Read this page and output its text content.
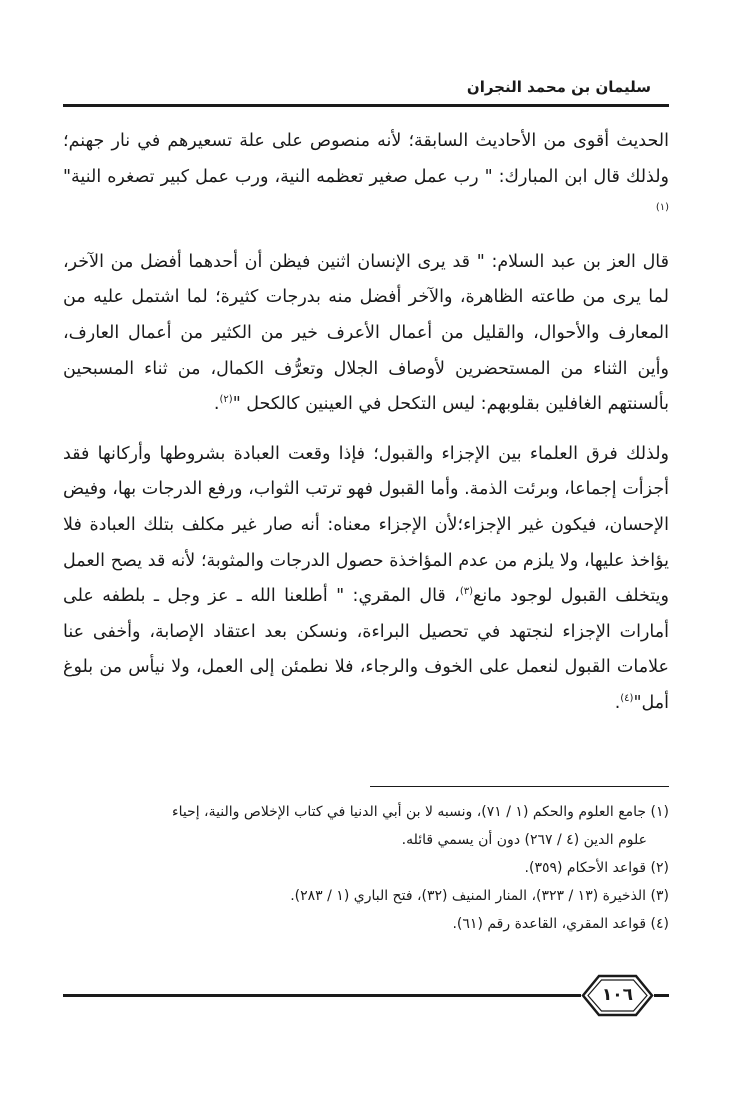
سليمان بن محمد النجران

الحديث أقوى من الأحاديث السابقة؛ لأنه منصوص على علة تسعيرهم في نار جهنم؛ ولذلك قال ابن المبارك: " رب عمل صغير تعظمه النية، ورب عمل كبير تصغره النية"$^{(١)}$

قال العز بن عبد السلام: " قد يرى الإنسان اثنين فيظن أن أحدهما أفضل من الآخر، لما يرى من طاعته الظاهرة، والآخر أفضل منه بدرجات كثيرة؛ لما اشتمل عليه من المعارف والأحوال، والقليل من أعمال الأعرف خير من الكثير من أعمال العارف، وأين الثناء من المستحضرين لأوصاف الجلال وتعرُّف الكمال، من ثناء المسبحين بألسنتهم الغافلين بقلوبهم: ليس التكحل في العينين كالكحل "$^{(٢)}$.

ولذلك فرق العلماء بين الإجزاء والقبول؛ فإذا وقعت العبادة بشروطها وأركانها فقد أجزأت إجماعا، وبرئت الذمة. وأما القبول فهو ترتب الثواب، ورفع الدرجات بها، وفيض الإحسان، فيكون غير الإجزاء؛لأن الإجزاء معناه: أنه صار غير مكلف بتلك العبادة فلا يؤاخذ عليها، ولا يلزم من عدم المؤاخذة حصول الدرجات والمثوبة؛ لأنه قد يصح العمل ويتخلف القبول لوجود مانع$^{(٣)}$، قال المقري: " أطلعنا الله ـ عز وجل ـ بلطفه على أمارات الإجزاء لنجتهد في تحصيل البراءة، ونسكن بعد اعتقاد الإصابة، وأخفى عنا علامات القبول لنعمل على الخوف والرجاء، فلا نطمئن إلى العمل، ولا نيأس من بلوغ أمل"$^{(٤)}$.

(١) جامع العلوم والحكم (١ / ٧١)، ونسبه لا بن أبي الدنيا في كتاب الإخلاص والنية، إحياء

علوم الدين (٤ / ٢٦٧) دون أن يسمي قائله.

(٢) قواعد الأحكام (٣٥٩).

(٣) الذخيرة (١٣ / ٣٢٣)، المنار المنيف (٣٢)، فتح الباري (١ / ٢٨٣).

(٤) قواعد المقري، القاعدة رقم (٦١).

١٠٦
